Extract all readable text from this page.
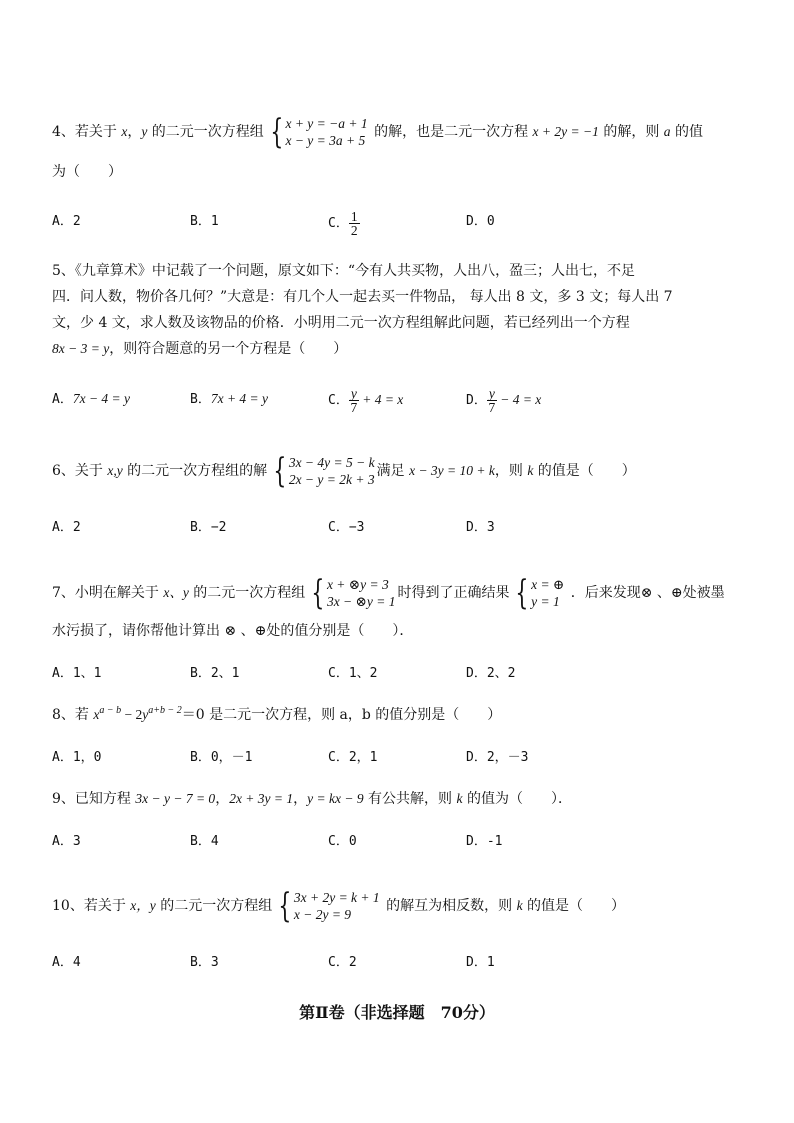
4、若关于 x，y 的二元一次方程组 { x + y = −a + 1
x − y = 3a + 5
的解，也是二元一次方程 x + 2y = −1 的解，则 a 的值
为（　　）
A．2	B．1	C． $\frac{1}{2}$	D．0
5、《九章算术》中记载了一个问题，原文如下：“今有人共买物，人出八，盈三；人出七，不足
四．问人数，物价各几何？”大意是：有几个人一起去买一件物品， 每人出 8 文，多 3 文；每人出 7
文，少 4 文，求人数及该物品的价格．小明用二元一次方程组解此问题，若已经列出一个方程
8x − 3 = y，则符合题意的另一个方程是（　　）
A．7x − 4 = y	B．7x + 4 = y	C． $\frac{y}{7} + 4 = x$	D． $\frac{y}{7} - 4 = x$
6、关于 x,y 的二元一次方程组的解 { 3x − 4y = 5 − k
2x − y = 2k + 3
满足 x − 3y = 10 + k，则 k 的值是（　　）
A．2	B．−2	C．−3	D．3
7、小明在解关于 x、y 的二元一次方程组 { x + ⊗y = 3
3x − ⊗y = 1
时得到了正确结果 { x = ⊕
y = 1
．后来发现⊗ 、⊕处被墨
水污损了，请你帮他计算出 ⊗ 、⊕处的值分别是（　　）．
A．1、1	B．2、1	C．1、2	D．2、2
8、若 $x^{a - b} - 2y^{a+b - 2}=0$ 是二元一次方程，则 a，b 的值分别是（　　）
A．1，0	B．0，－1	C．2，1	D．2，－3
9、已知方程 3x − y − 7 = 0，2x + 3y = 1，y = kx − 9 有公共解，则 k 的值为（　　）．
A．3	B．4	C．0	D．-1
10、若关于 x，y 的二元一次方程组 { 3x + 2y = k + 1
x − 2y = 9
的解互为相反数，则 k 的值是（　　）
A．4	B．3	C．2	D．1
第Ⅱ卷（非选择题　70分）
